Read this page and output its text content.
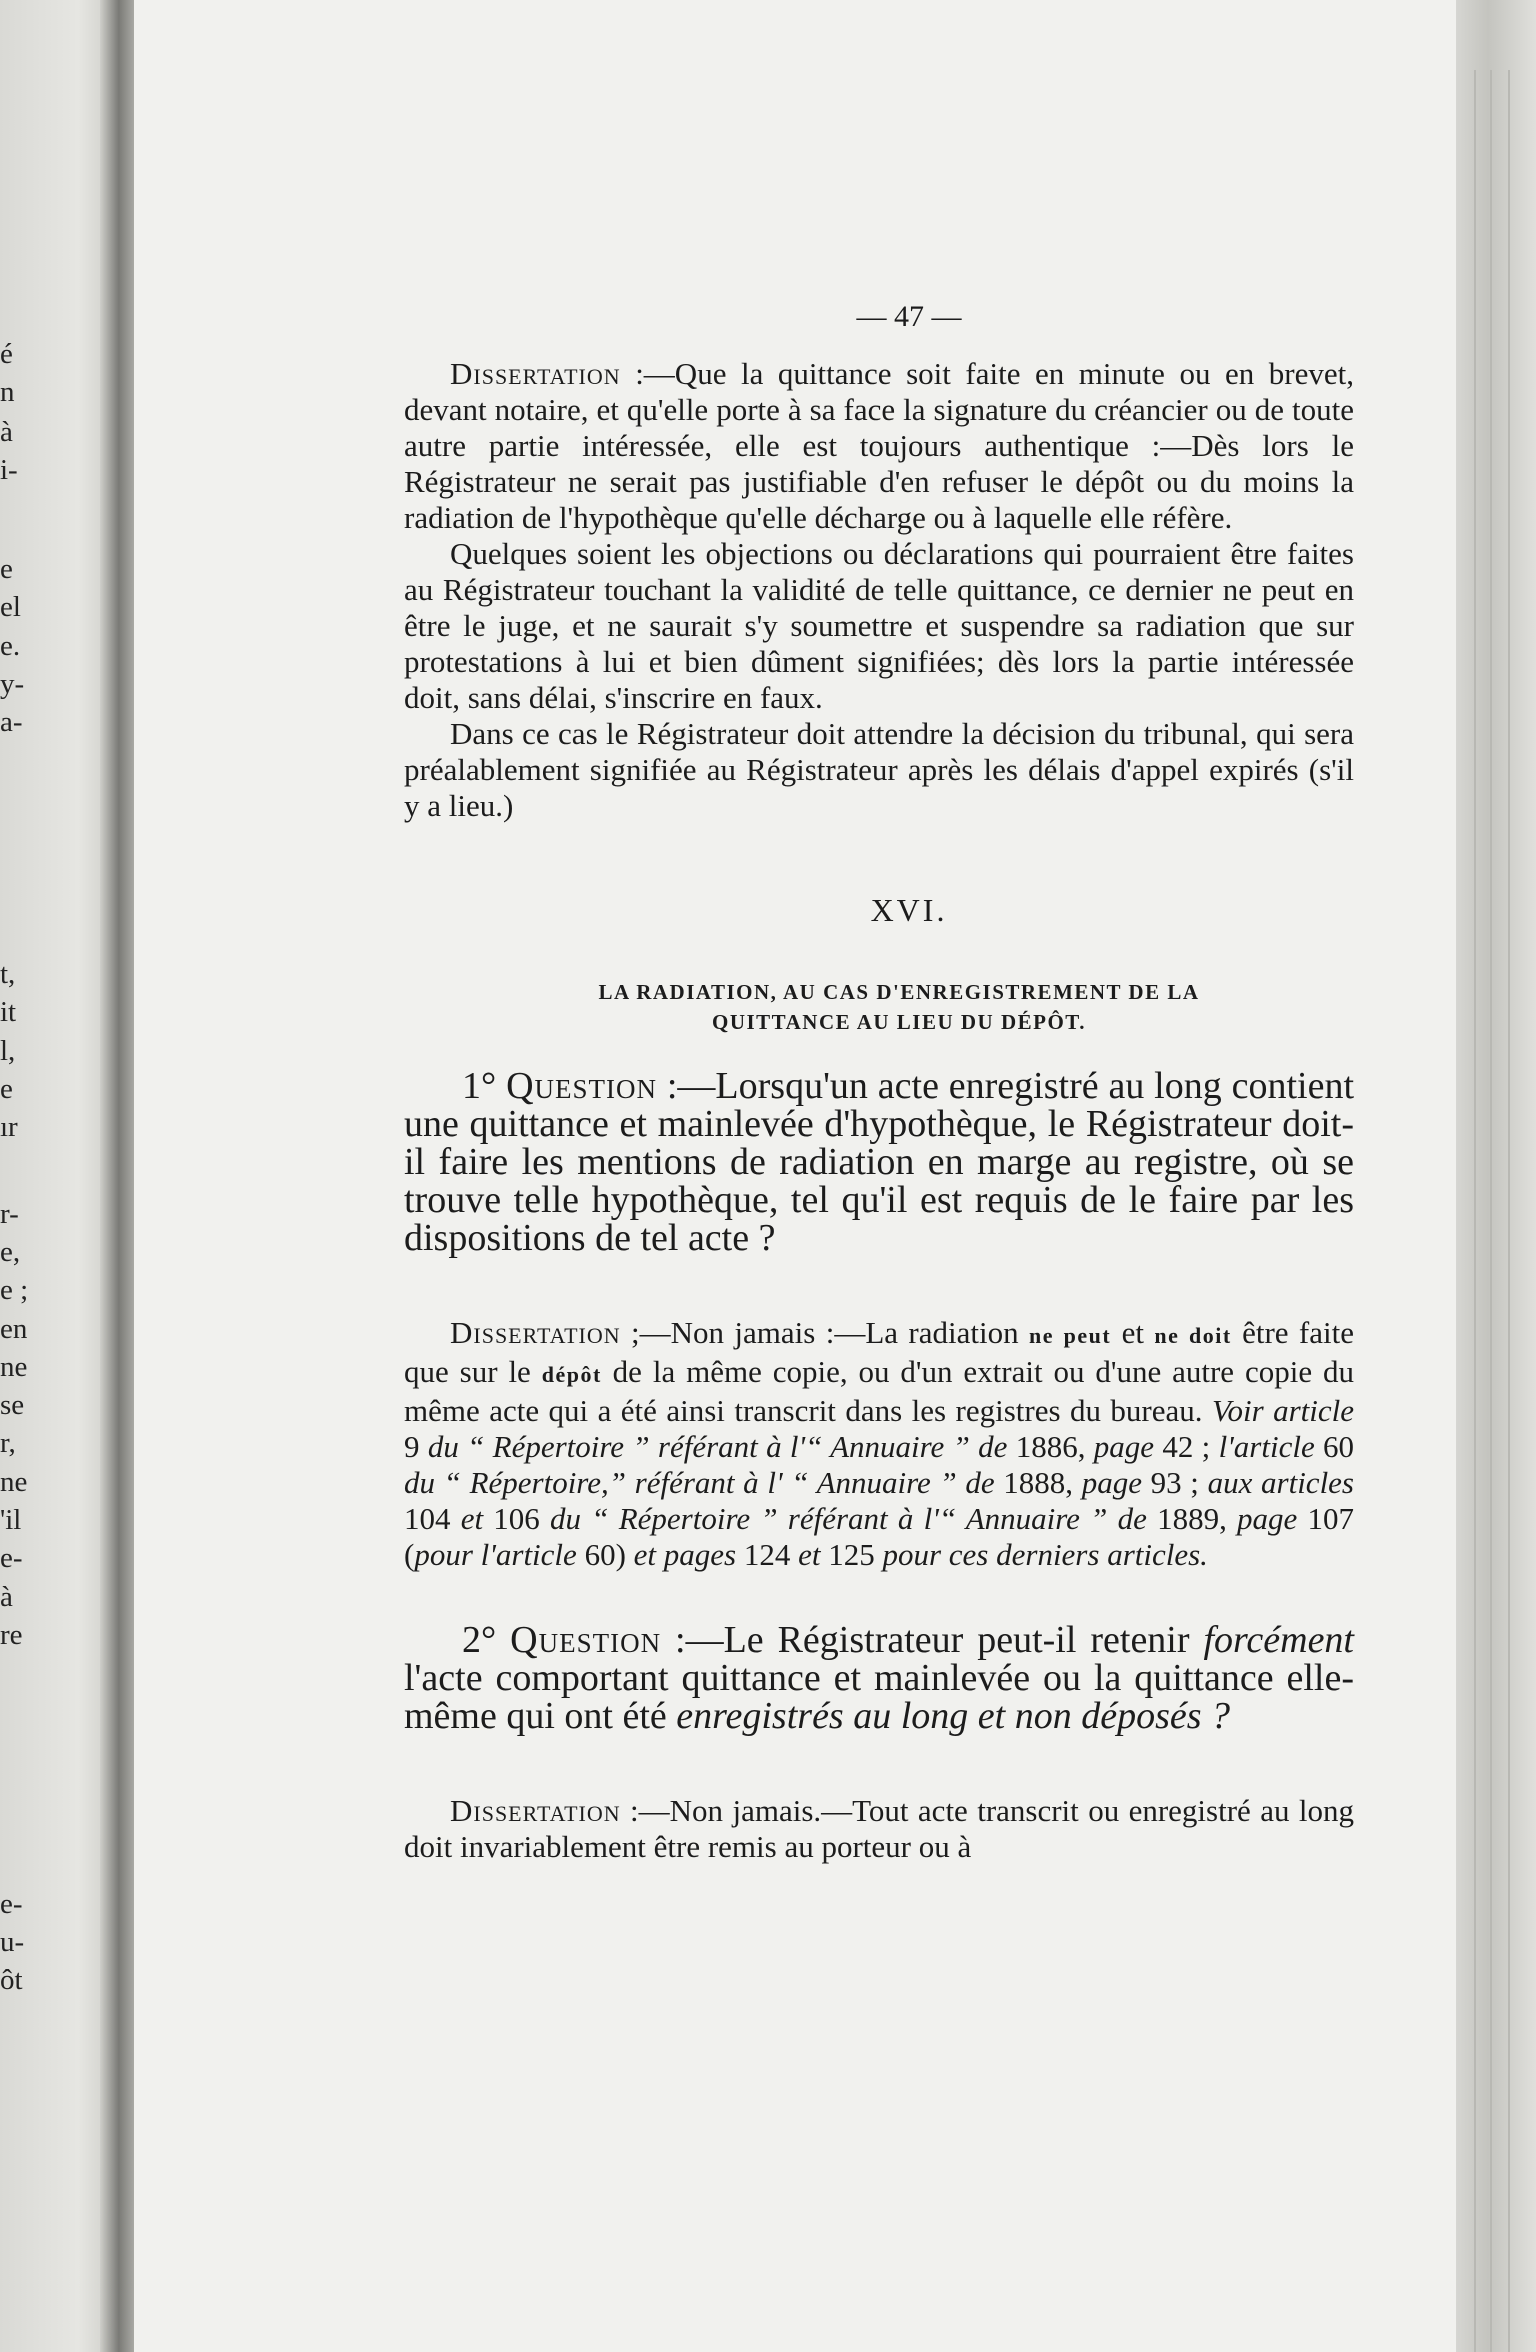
é
n
à
i-
e
el
e.
y-
a-
t,
it
l,
e
ır
r-
e,
e ;
en
ne
se
r,
ne
'il
e-
à
re
e-
u-
ôt
— 47 —

Dissertation :—Que la quittance soit faite en minute ou en brevet, devant notaire, et qu'elle porte à sa face la signature du créancier ou de toute autre partie intéressée, elle est toujours authentique :—Dès lors le Régistrateur ne serait pas justifiable d'en refuser le dépôt ou du moins la radiation de l'hypothèque qu'elle décharge ou à laquelle elle réfère.

Quelques soient les objections ou déclarations qui pourraient être faites au Régistrateur touchant la validité de telle quittance, ce dernier ne peut en être le juge, et ne saurait s'y soumettre et suspendre sa radiation que sur protestations à lui et bien dûment signifiées; dès lors la partie intéressée doit, sans délai, s'inscrire en faux.

Dans ce cas le Régistrateur doit attendre la décision du tribunal, qui sera préalablement signifiée au Régistrateur après les délais d'appel expirés (s'il y a lieu.)

XVI.
LA RADIATION, AU CAS D'ENREGISTREMENT DE LA
QUITTANCE AU LIEU DU DÉPÔT.

1° Question :—Lorsqu'un acte enregistré au long contient une quittance et mainlevée d'hypothèque, le Régistrateur doit-il faire les mentions de radiation en marge au registre, où se trouve telle hypothèque, tel qu'il est requis de le faire par les dispositions de tel acte ?

Dissertation ;—Non jamais :—La radiation ne peut et ne doit être faite que sur le dépôt de la même copie, ou d'un extrait ou d'une autre copie du même acte qui a été ainsi transcrit dans les registres du bureau. Voir article 9 du “ Répertoire ” référant à l'“ Annuaire ” de 1886, page 42 ; l'article 60 du “ Répertoire,” référant à l' “ Annuaire ” de 1888, page 93 ; aux articles 104 et 106 du “ Répertoire ” référant à l'“ Annuaire ” de 1889, page 107 (pour l'article 60) et pages 124 et 125 pour ces derniers articles.

2° Question :—Le Régistrateur peut-il retenir forcément l'acte comportant quittance et mainlevée ou la quittance elle-même qui ont été enregistrés au long et non déposés ?

Dissertation :—Non jamais.—Tout acte transcrit ou enregistré au long doit invariablement être remis au porteur ou à
